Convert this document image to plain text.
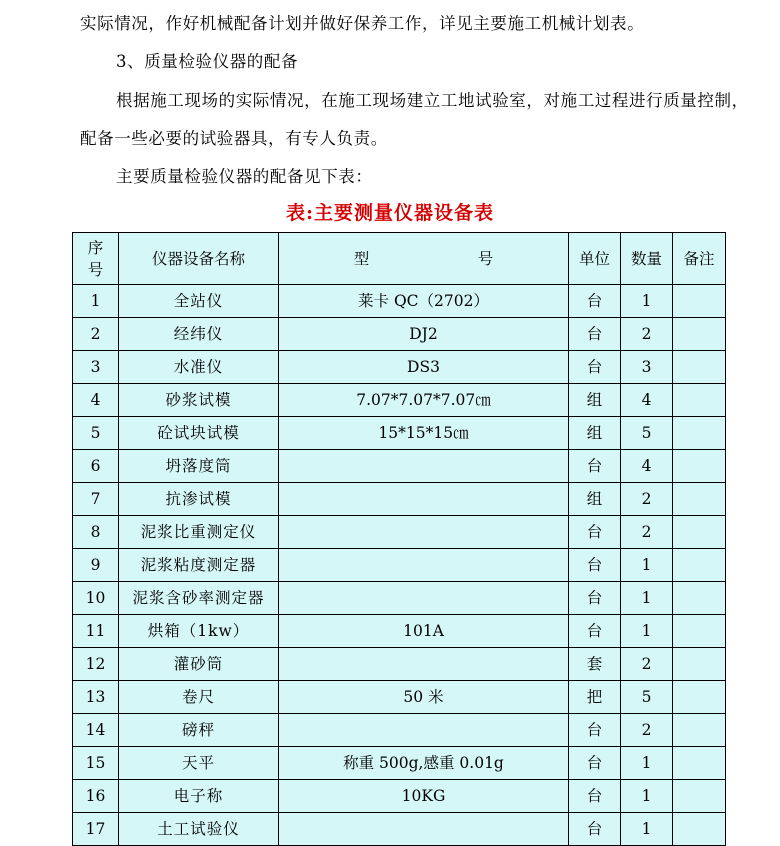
实际情况，作好机械配备计划并做好保养工作，详见主要施工机械计划表。

3、质量检验仪器的配备

根据施工现场的实际情况，在施工现场建立工地试验室，对施工过程进行质量控制，

配备一些必要的试验器具，有专人负责。

主要质量检验仪器的配备见下表：

表:主要测量仪器设备表
序
号	仪器设备名称	型　　　　　　　号	单位	数量	备注
1	全站仪	莱卡 QC（2702）	台	1	
2	经纬仪	DJ2	台	2	
3	水准仪	DS3	台	3	
4	砂浆试模	7.07*7.07*7.07㎝	组	4	
5	砼试块试模	15*15*15㎝	组	5	
6	坍落度筒		台	4	
7	抗渗试模		组	2	
8	泥浆比重测定仪		台	2	
9	泥浆粘度测定器		台	1	
10	泥浆含砂率测定器		台	1	
11	烘箱（1kw）	101A	台	1	
12	灌砂筒		套	2	
13	卷尺	50 米	把	5	
14	磅秤		台	2	
15	天平	称重 500g,感重 0.01g	台	1	
16	电子称	10KG	台	1	
17	土工试验仪		台	1	
